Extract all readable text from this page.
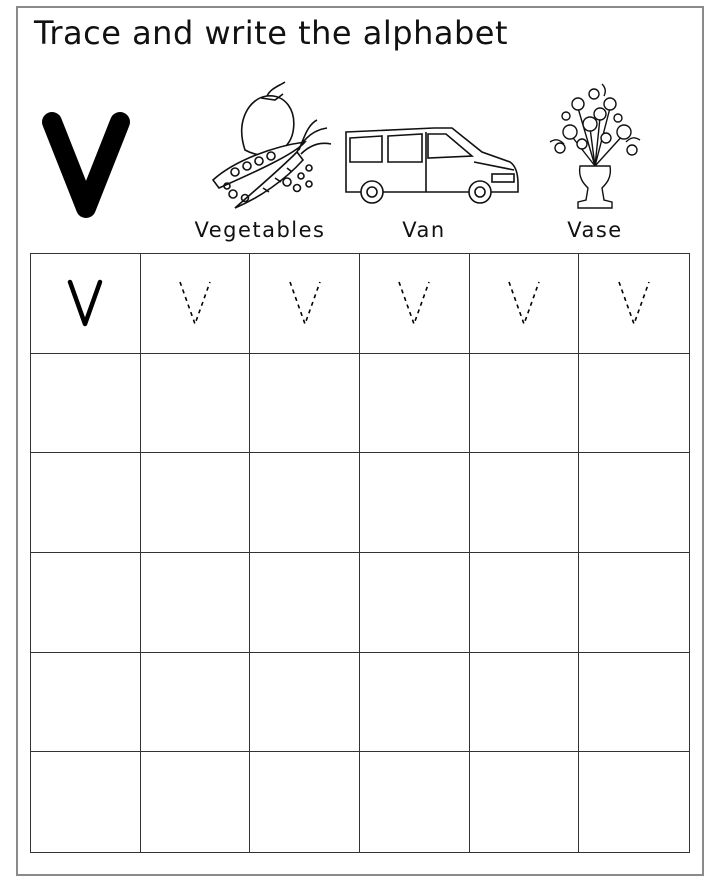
Trace and write the alphabet
Vegetables	Van	Vase
